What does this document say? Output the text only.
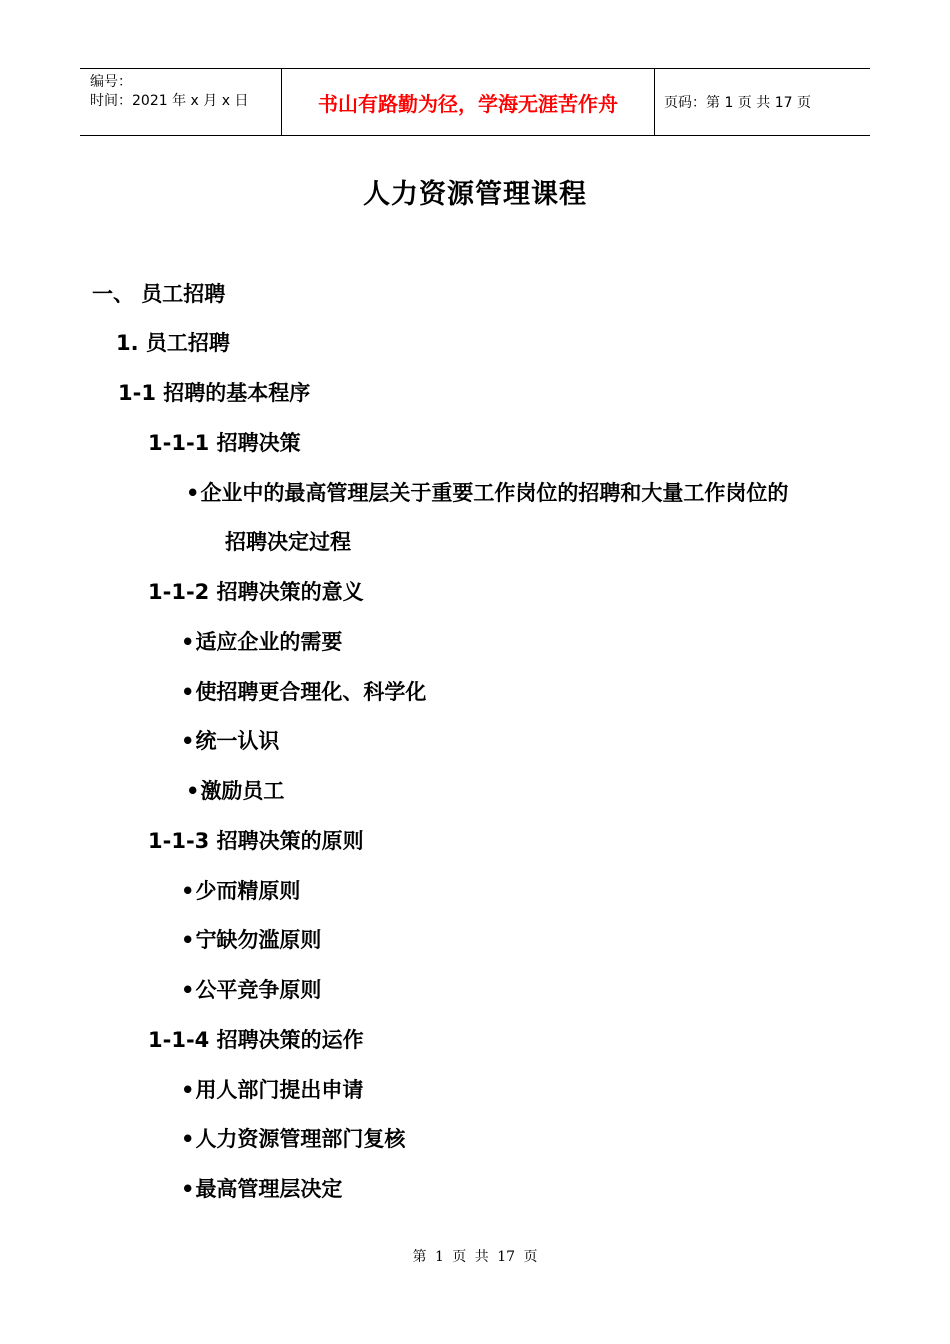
编号：
时间：2021 年 x 月 x 日	书山有路勤为径，学海无涯苦作舟	页码：第 1 页 共 17 页
人力资源管理课程
一、 员工招聘
1. 员工招聘
1-1 招聘的基本程序
1-1-1 招聘决策
• 企业中的最高管理层关于重要工作岗位的招聘和大量工作岗位的
招聘决定过程
1-1-2 招聘决策的意义
• 适应企业的需要
• 使招聘更合理化、科学化
• 统一认识
• 激励员工
1-1-3 招聘决策的原则
• 少而精原则
• 宁缺勿滥原则
• 公平竞争原则
1-1-4 招聘决策的运作
• 用人部门提出申请
• 人力资源管理部门复核
• 最高管理层决定
第 1 页 共 17 页
